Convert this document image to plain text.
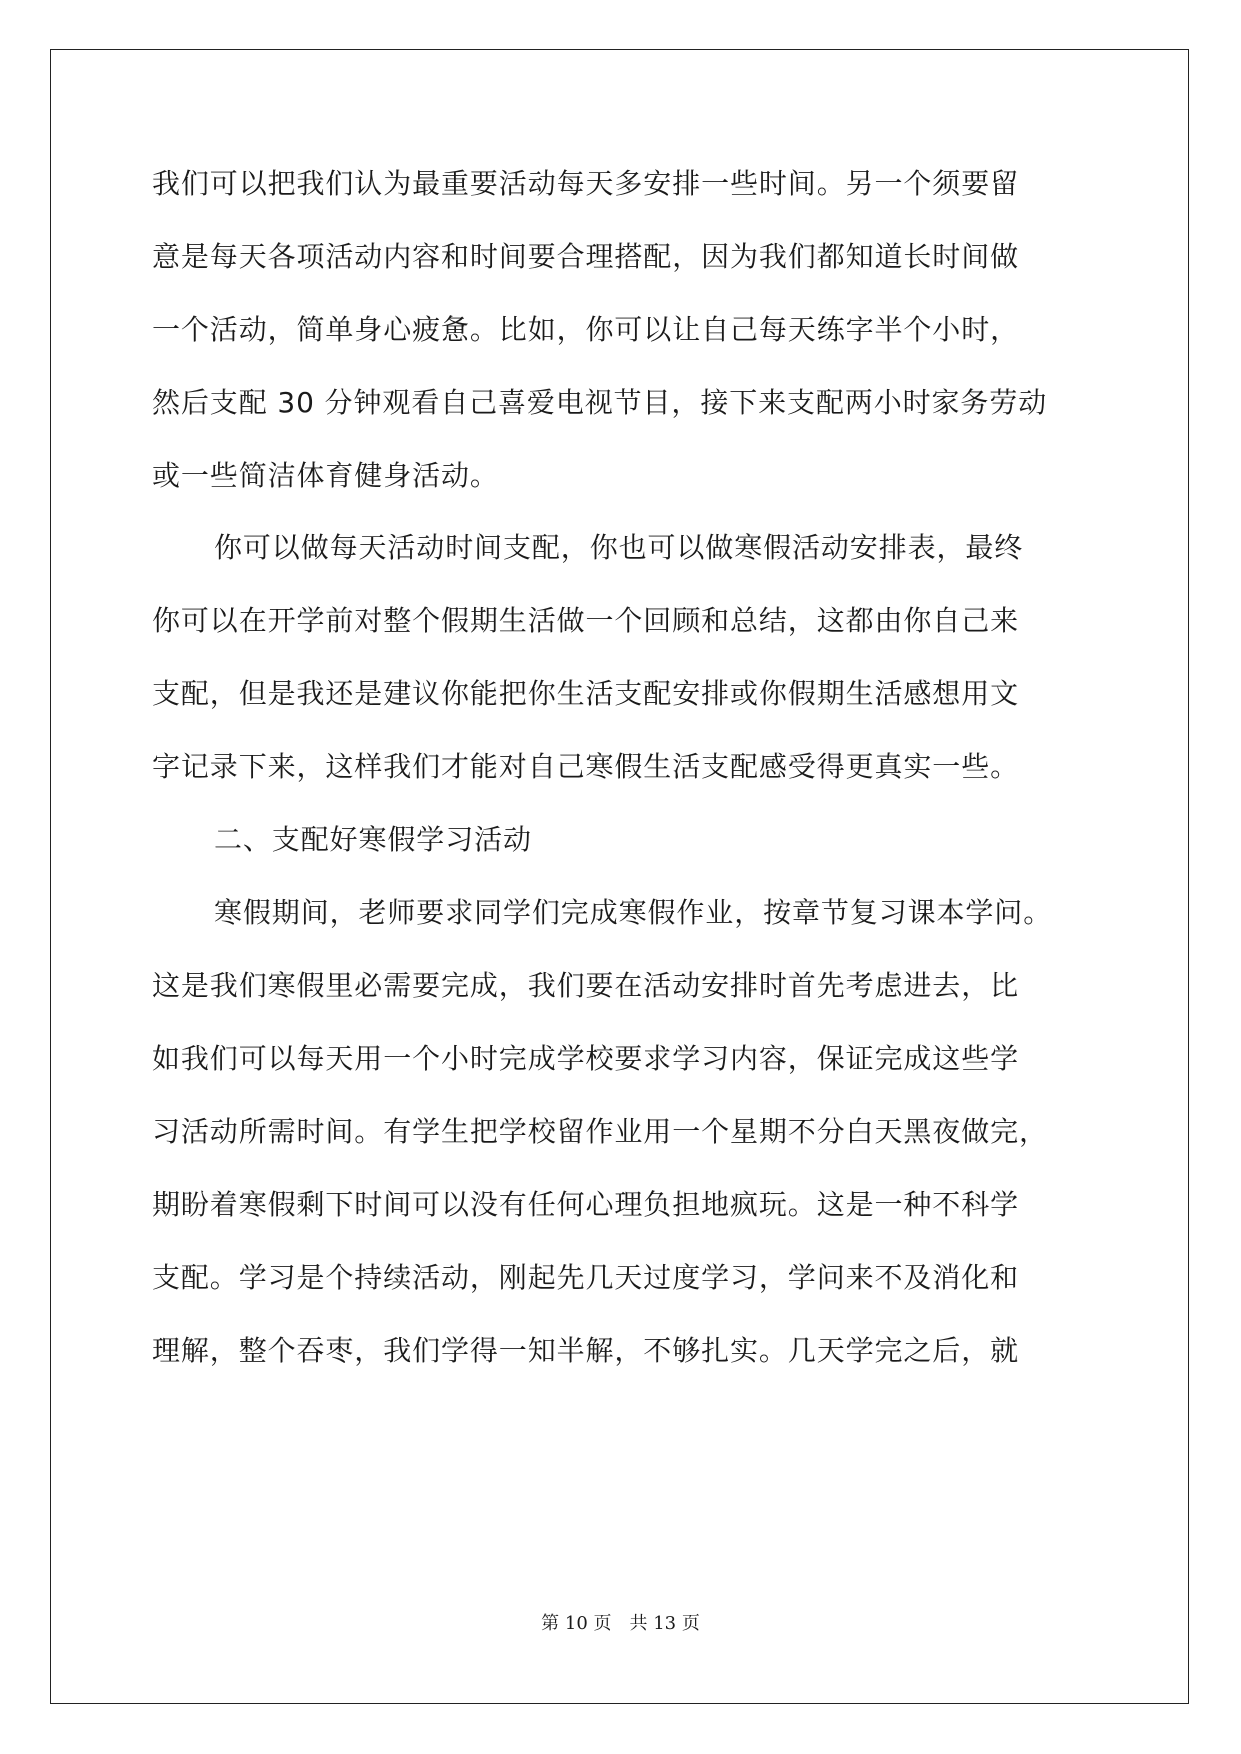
我们可以把我们认为最重要活动每天多安排一些时间。另一个须要留
意是每天各项活动内容和时间要合理搭配，因为我们都知道长时间做
一个活动，简单身心疲惫。比如，你可以让自己每天练字半个小时，
然后支配 30 分钟观看自己喜爱电视节目，接下来支配两小时家务劳动
或一些简洁体育健身活动。
你可以做每天活动时间支配，你也可以做寒假活动安排表，最终
你可以在开学前对整个假期生活做一个回顾和总结，这都由你自己来
支配，但是我还是建议你能把你生活支配安排或你假期生活感想用文
字记录下来，这样我们才能对自己寒假生活支配感受得更真实一些。
二、支配好寒假学习活动
寒假期间，老师要求同学们完成寒假作业，按章节复习课本学问。
这是我们寒假里必需要完成，我们要在活动安排时首先考虑进去，比
如我们可以每天用一个小时完成学校要求学习内容，保证完成这些学
习活动所需时间。有学生把学校留作业用一个星期不分白天黑夜做完，
期盼着寒假剩下时间可以没有任何心理负担地疯玩。这是一种不科学
支配。学习是个持续活动，刚起先几天过度学习，学问来不及消化和
理解，整个吞枣，我们学得一知半解，不够扎实。几天学完之后，就
第 10 页　共 13 页
